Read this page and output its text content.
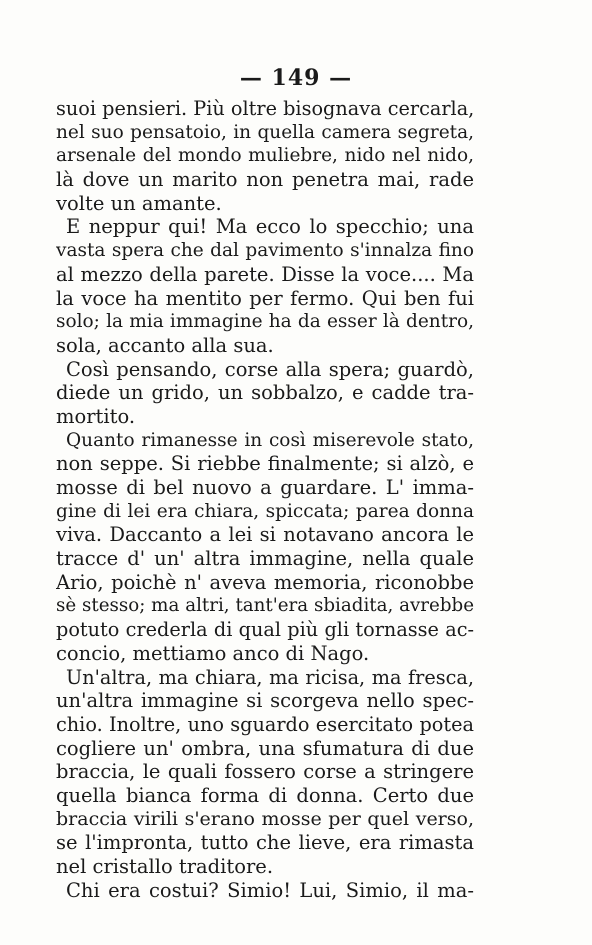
— 149 —
suoi pensieri. Più oltre bisognava cercarla,
nel suo pensatoio, in quella camera segreta,
arsenale del mondo muliebre, nido nel nido,
là dove un marito non penetra mai, rade
volte un amante.
E neppur qui! Ma ecco lo specchio; una
vasta spera che dal pavimento s'innalza fino
al mezzo della parete. Disse la voce.... Ma
la voce ha mentito per fermo. Qui ben fui
solo; la mia immagine ha da esser là dentro,
sola, accanto alla sua.
Così pensando, corse alla spera; guardò,
diede un grido, un sobbalzo, e cadde tra-
mortito.
Quanto rimanesse in così miserevole stato,
non seppe. Si riebbe finalmente; si alzò, e
mosse di bel nuovo a guardare. L' imma-
gine di lei era chiara, spiccata; parea donna
viva. Daccanto a lei si notavano ancora le
tracce d' un' altra immagine, nella quale
Ario, poichè n' aveva memoria, riconobbe
sè stesso; ma altri, tant'era sbiadita, avrebbe
potuto crederla di qual più gli tornasse ac-
concio, mettiamo anco di Nago.
Un'altra, ma chiara, ma ricisa, ma fresca,
un'altra immagine si scorgeva nello spec-
chio. Inoltre, uno sguardo esercitato potea
cogliere un' ombra, una sfumatura di due
braccia, le quali fossero corse a stringere
quella bianca forma di donna. Certo due
braccia virili s'erano mosse per quel verso,
se l'impronta, tutto che lieve, era rimasta
nel cristallo traditore.
Chi era costui? Simio! Lui, Simio, il ma-
